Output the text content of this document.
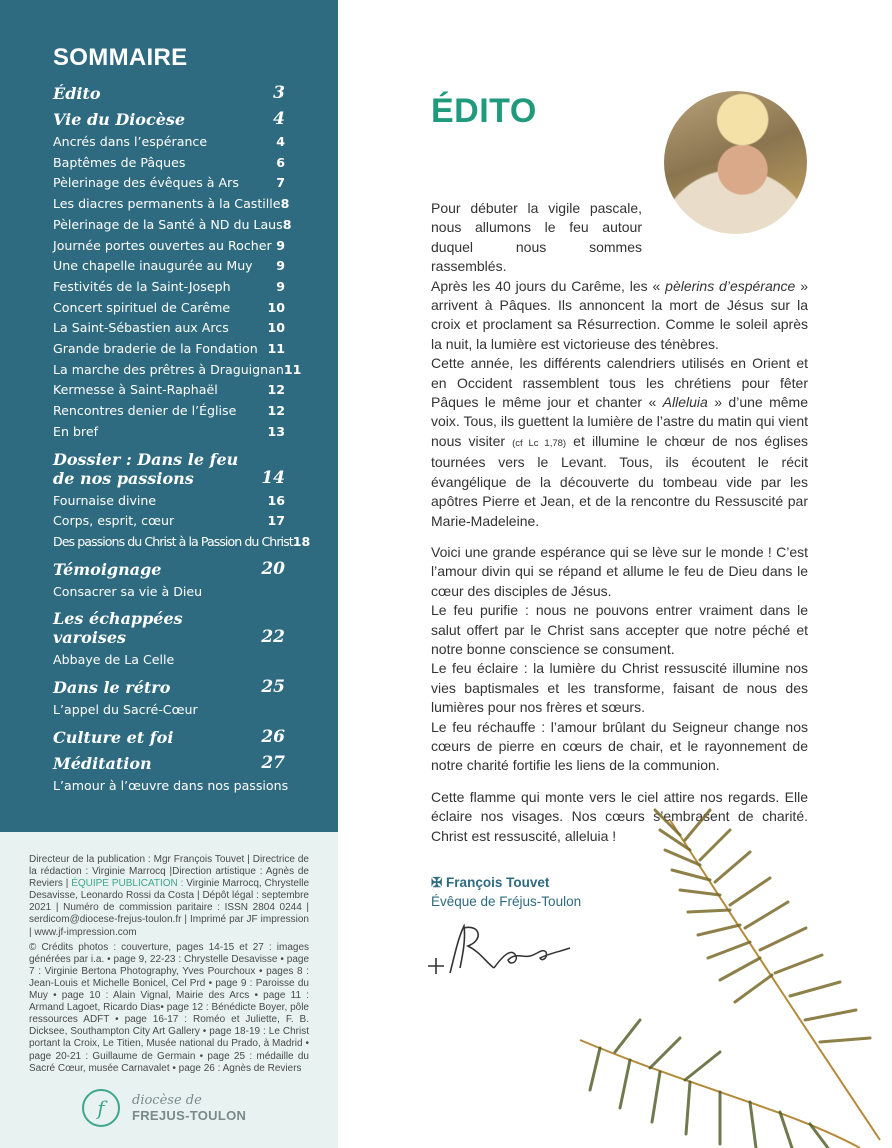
SOMMAIRE
Édito	3
Vie du Diocèse	4
Ancrés dans l’espérance	4
Baptêmes de Pâques	6
Pèlerinage des évêques à Ars	7
Les diacres permanents à la Castille 8
Pèlerinage de la Santé à ND du Laus 8
Journée portes ouvertes au Rocher 9
Une chapelle inaugurée au Muy 9
Festivités de la Saint-Joseph	9
Concert spirituel de Carême	10
La Saint-Sébastien aux Arcs	10
Grande braderie de la Fondation 11
La marche des prêtres à Draguignan 11
Kermesse à Saint-Raphaël	12
Rencontres denier de l’Église 12
En bref	13
Dossier : Dans le feu
de nos passions	14
Fournaise divine	16
Corps, esprit, cœur	17
Des passions du Christ à la Passion du Christ 18
Témoignage	20
Consacrer sa vie à Dieu
Les échappées
varoises	22
Abbaye de La Celle
Dans le rétro	25
L’appel du Sacré-Cœur
Culture et foi	26
Méditation	27
L’amour à l’œuvre dans nos passions

Directeur de la publication : Mgr François Touvet | Directrice de la rédaction : Virginie Marrocq |Direction artistique : Agnès de Reviers | ÉQUIPE PUBLICATION : Virginie Marrocq, Chrystelle Desavisse, Leonardo Rossi da Costa | Dépôt légal : septembre 2021 | Numéro de commission paritaire : ISSN 2804 0244 | serdicom@diocese-frejus-toulon.fr | Imprimé par JF impression | www.jf-impression.com

© Crédits photos : couverture, pages 14-15 et 27 : images générées par i.a. • page 9, 22-23 : Chrystelle Desavisse • page 7 : Virginie Bertona Photography, Yves Pourchoux • pages 8 : Jean-Louis et Michelle Bonicel, Cel Prd • page 9 : Paroisse du Muy • page 10 : Alain Vignal, Mairie des Arcs • page 11 : Armand Lagoet, Ricardo Dias• page 12 : Bénédicte Boyer, pôle ressources ADFT • page 16-17 : Roméo et Juliette, F. B. Dicksee, Southampton City Art Gallery • page 18-19 : Le Christ portant la Croix, Le Titien, Musée national du Prado, à Madrid • page 20-21 : Guillaume de Germain • page 25 : médaille du Sacré Cœur, musée Carnavalet • page 26 : Agnès de Reviers

f	diocèse de
FREJUS-TOULON
ÉDITO

Pour débuter la vigile pascale, nous allumons le feu autour duquel nous sommes rassemblés.

Après les 40 jours du Carême, les « pèlerins d’espérance » arrivent à Pâques. Ils annoncent la mort de Jésus sur la croix et proclament sa Résurrection. Comme le soleil après la nuit, la lumière est victorieuse des ténèbres.

Cette année, les différents calendriers utilisés en Orient et en Occident rassemblent tous les chrétiens pour fêter Pâques le même jour et chanter « Alleluia » d’une même voix. Tous, ils guettent la lumière de l’astre du matin qui vient nous visiter (cf Lc 1,78) et illumine le chœur de nos églises tournées vers le Levant. Tous, ils écoutent le récit évangélique de la découverte du tombeau vide par les apôtres Pierre et Jean, et de la rencontre du Ressuscité par Marie-Madeleine.

Voici une grande espérance qui se lève sur le monde ! C’est l’amour divin qui se répand et allume le feu de Dieu dans le cœur des disciples de Jésus.

Le feu purifie : nous ne pouvons entrer vraiment dans le salut offert par le Christ sans accepter que notre péché et notre bonne conscience se consument.

Le feu éclaire : la lumière du Christ ressuscité illumine nos vies baptismales et les transforme, faisant de nous des lumières pour nos frères et sœurs.

Le feu réchauffe : l’amour brûlant du Seigneur change nos cœurs de pierre en cœurs de chair, et le rayonnement de notre charité fortifie les liens de la communion.

Cette flamme qui monte vers le ciel attire nos regards. Elle éclaire nos visages. Nos cœurs s’embrasent de charité. Christ est ressuscité, alleluia !

✠ François Touvet
Évêque de Fréjus-Toulon
